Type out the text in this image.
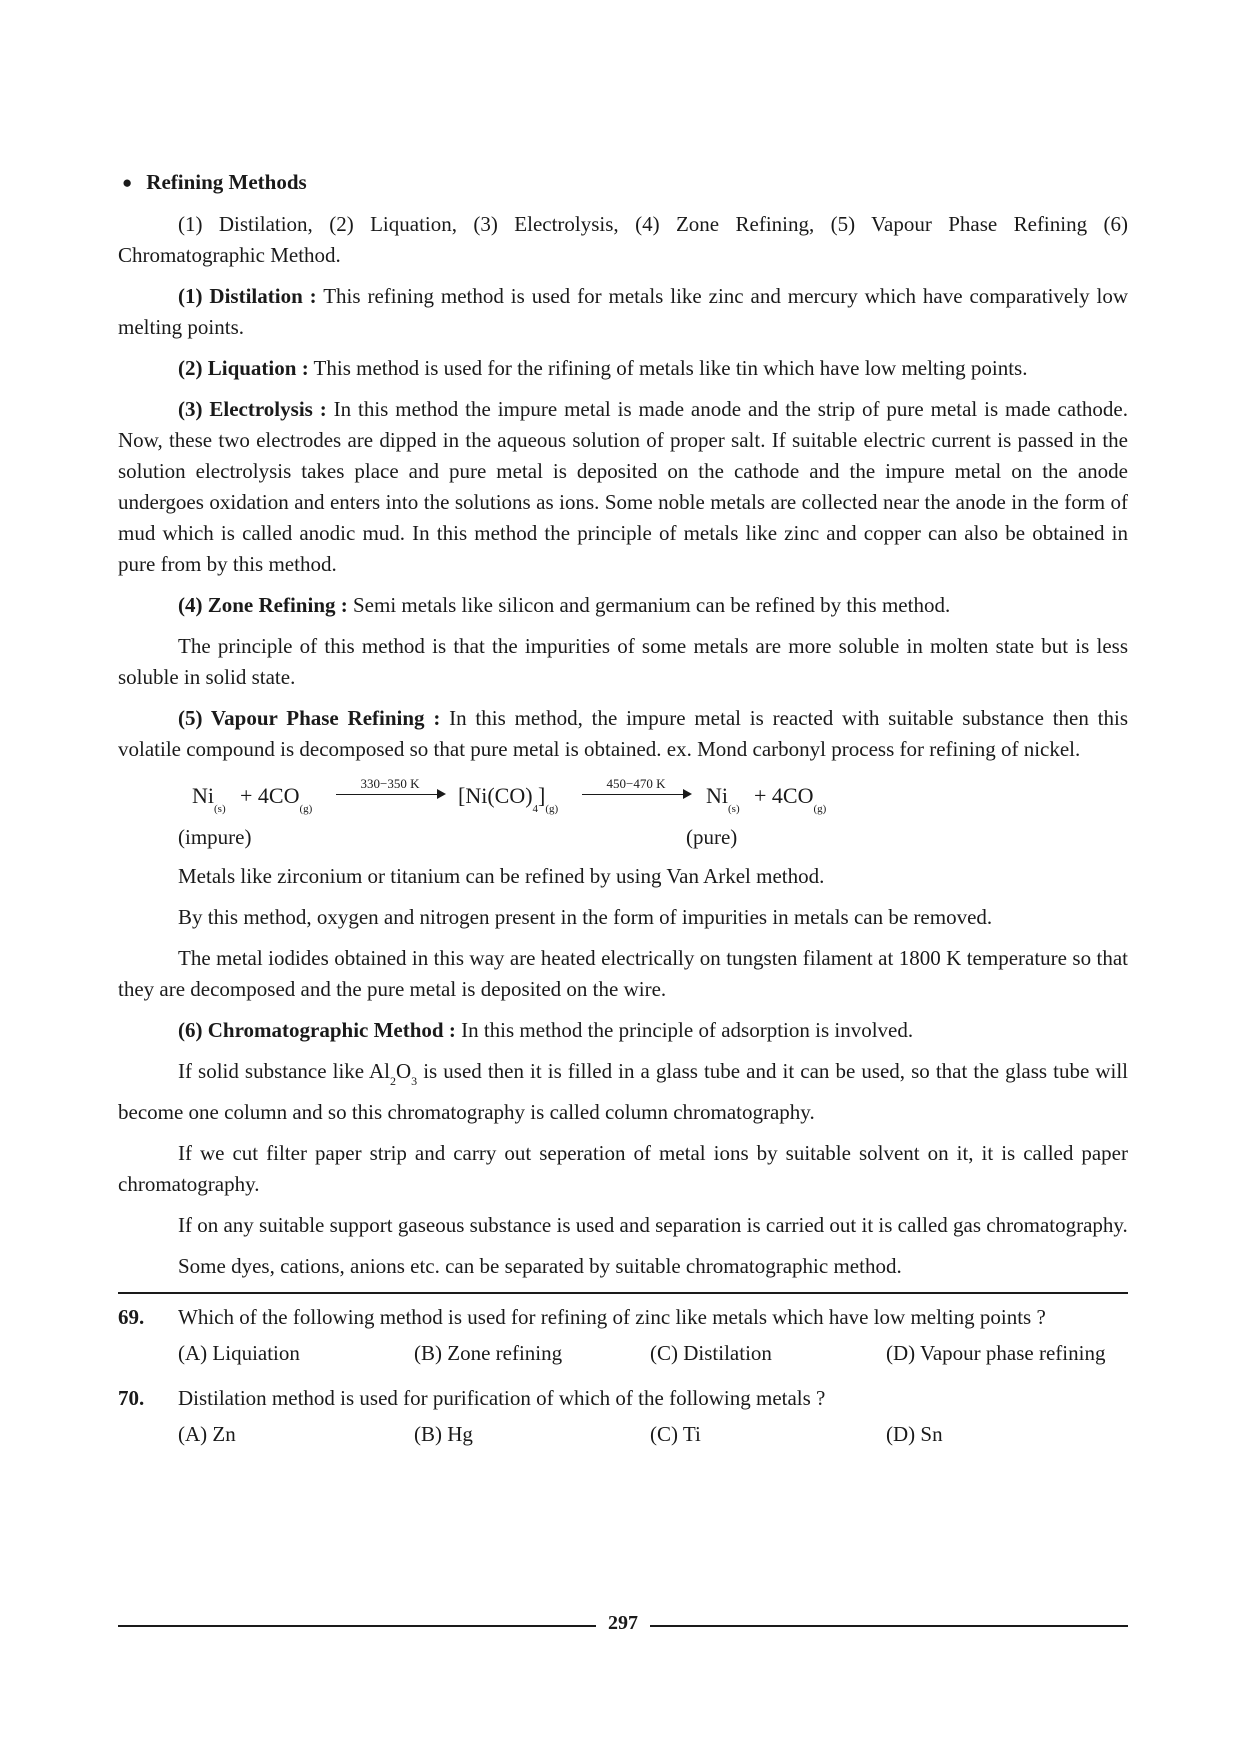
● Refining Methods

(1) Distilation, (2) Liquation, (3) Electrolysis, (4) Zone Refining, (5) Vapour Phase Refining (6) Chromatographic Method.

(1) Distilation : This refining method is used for metals like zinc and mercury which have comparatively low melting points.

(2) Liquation : This method is used for the rifining of metals like tin which have low melting points.

(3) Electrolysis : In this method the impure metal is made anode and the strip of pure metal is made cathode. Now, these two electrodes are dipped in the aqueous solution of proper salt. If suitable electric current is passed in the solution electrolysis takes place and pure metal is deposited on the cathode and the impure metal on the anode undergoes oxidation and enters into the solutions as ions. Some noble metals are collected near the anode in the form of mud which is called anodic mud. In this method the principle of metals like zinc and copper can also be obtained in pure from by this method.

(4) Zone Refining : Semi metals like silicon and germanium can be refined by this method.

The principle of this method is that the impurities of some metals are more soluble in molten state but is less soluble in solid state.

(5) Vapour Phase Refining : In this method, the impure metal is reacted with suitable substance then this volatile compound is decomposed so that pure metal is obtained. ex. Mond carbonyl process for refining of nickel.

$Ni_{(s)}$
+ $4CO_{(g)}$
330−350 K	$[Ni(CO)_4]_{(g)}$
450−470 K	$Ni_{(s)}$
+ $4CO_{(g)}$
(impure)	(pure)

Metals like zirconium or titanium can be refined by using Van Arkel method.

By this method, oxygen and nitrogen present in the form of impurities in metals can be removed.

The metal iodides obtained in this way are heated electrically on tungsten filament at 1800 K temperature so that they are decomposed and the pure metal is deposited on the wire.

(6) Chromatographic Method : In this method the principle of adsorption is involved.

If solid substance like $Al_2O_3$ is used then it is filled in a glass tube and it can be used, so that the glass tube will become one column and so this chromatography is called column chromatography.

If we cut filter paper strip and carry out seperation of metal ions by suitable solvent on it, it is called paper chromatography.

If on any suitable support gaseous substance is used and separation is carried out it is called gas chromatography.

Some dyes, cations, anions etc. can be separated by suitable chromatographic method.

69. Which of the following method is used for refining of zinc like metals which have low melting points ?
(A) Liquiation	(B) Zone refining	(C) Distilation	(D) Vapour phase refining
70. Distilation method is used for purification of which of the following metals ?
(A) Zn	(B) Hg	(C) Ti	(D) Sn
297
